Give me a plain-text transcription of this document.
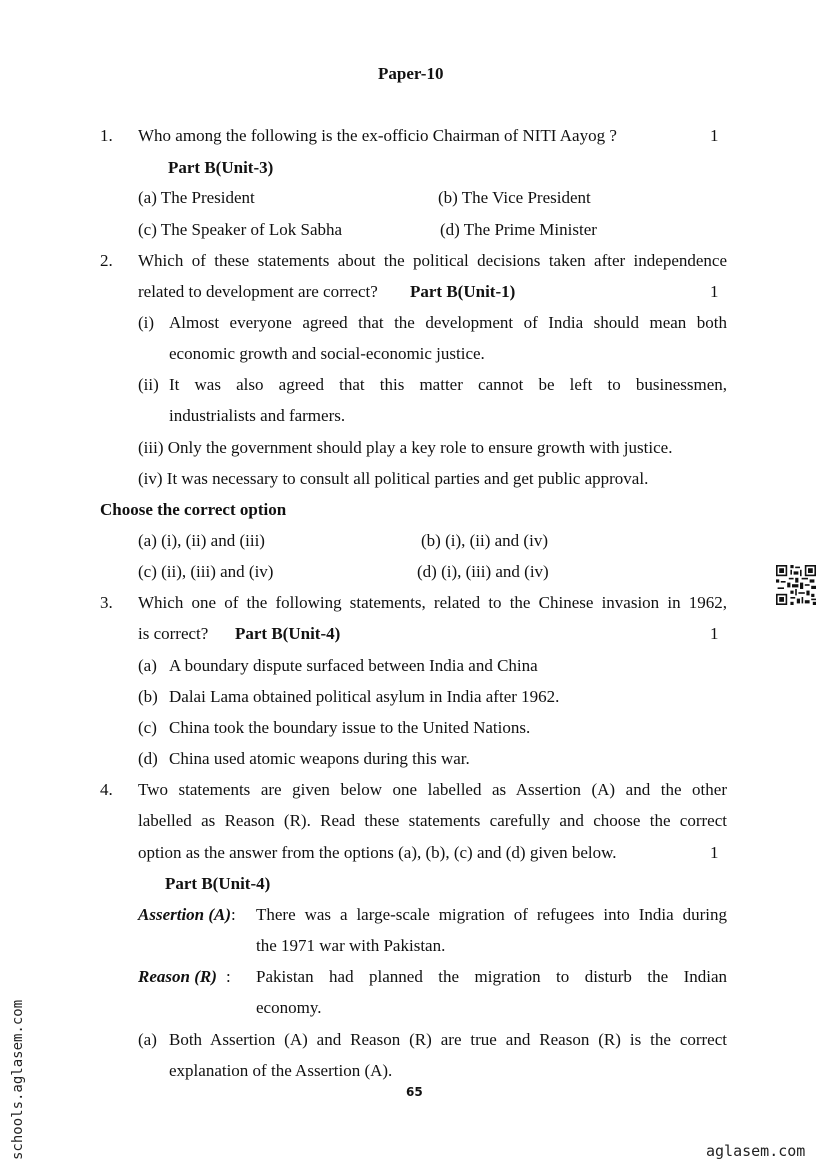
Paper-10
1. Who among the following is the ex-officio Chairman of NITI Aayog ?	1
Part B(Unit-3)
(a) The President	(b) The Vice President
(c) The Speaker of Lok Sabha	(d) The Prime Minister
2. Which of these statements about the political decisions taken after independence
related to development are correct? Part B(Unit-1)	1
(i) Almost everyone agreed that the development of India should mean both
economic growth and social-economic justice.
(ii) It was also agreed that this matter cannot be left to businessmen,
industrialists and farmers.
(iii) Only the government should play a key role to ensure growth with justice.
(iv) It was necessary to consult all political parties and get public approval.
Choose the correct option
(a) (i), (ii) and (iii)	(b) (i), (ii) and (iv)
(c) (ii), (iii) and (iv)	(d) (i), (iii) and (iv)
3. Which one of the following statements, related to the Chinese invasion in 1962,
is correct? Part B(Unit-4)	1
(a) A boundary dispute surfaced between India and China
(b) Dalai Lama obtained political asylum in India after 1962.
(c) China took the boundary issue to the United Nations.
(d) China used atomic weapons during this war.
4. Two statements are given below one labelled as Assertion (A) and the other
labelled as Reason (R). Read these statements carefully and choose the correct
option as the answer from the options (a), (b), (c) and (d) given below.	1
Part B(Unit-4)
Assertion (A): There was a large-scale migration of refugees into India during
the 1971 war with Pakistan.
Reason (R) : Pakistan had planned the migration to disturb the Indian
economy.
(a) Both Assertion (A) and Reason (R) are true and Reason (R) is the correct
explanation of the Assertion (A).
65
schools.aglasem.com	aglasem.com
